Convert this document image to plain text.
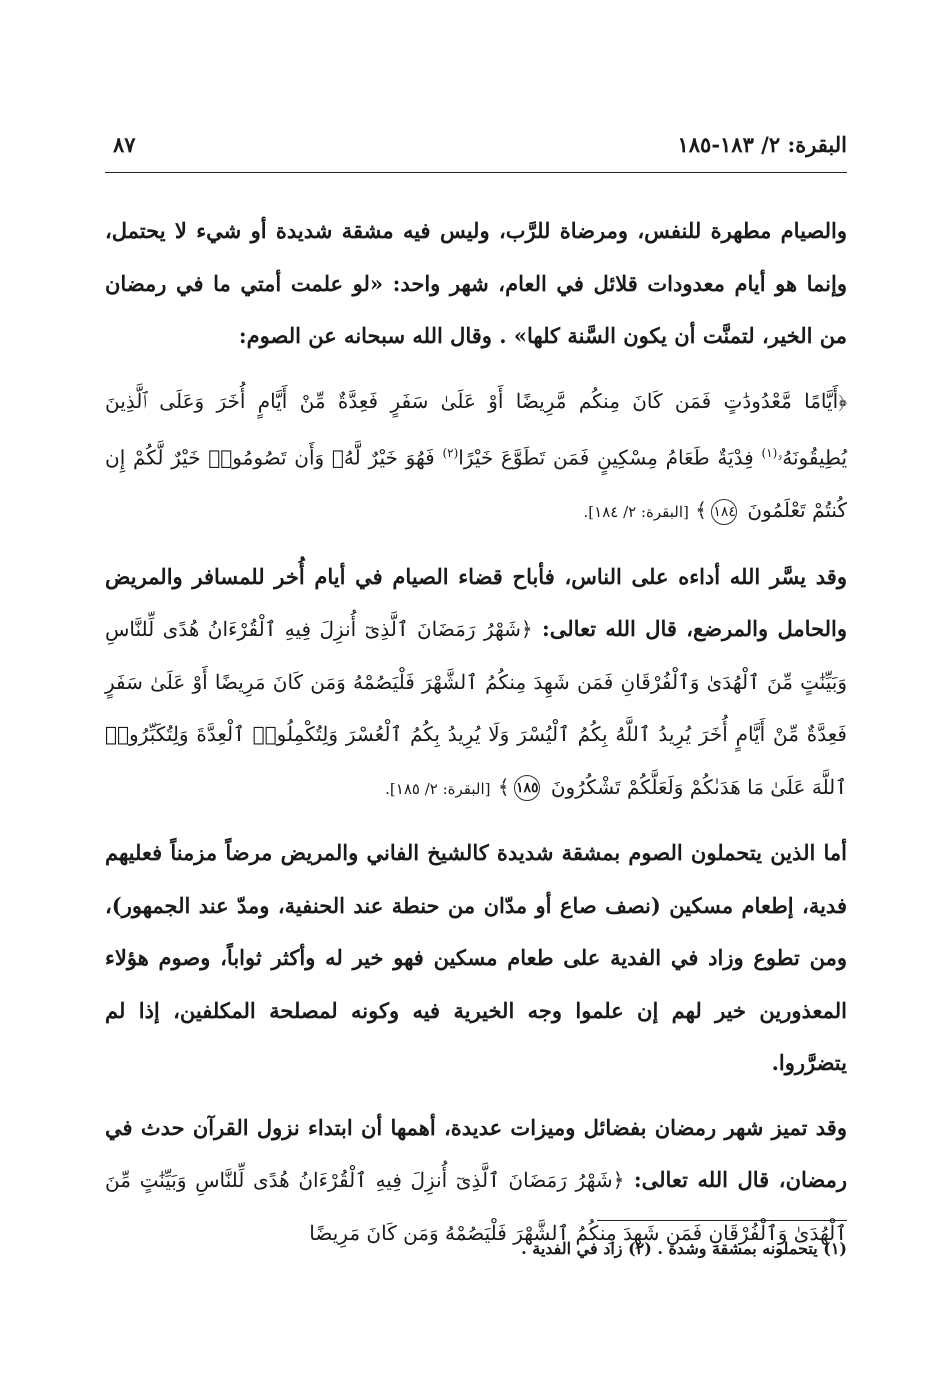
البقرة: ٢/ ١٨٣-١٨٥
٨٧

والصيام مطهرة للنفس، ومرضاة للرَّب، وليس فيه مشقة شديدة أو شيء لا يحتمل، وإنما هو أيام معدودات قلائل في العام، شهر واحد: «لو علمت أمتي ما في رمضان من الخير، لتمنَّت أن يكون السَّنة كلها» . وقال الله سبحانه عن الصوم:

﴿أَيَّامًا مَّعْدُودَٰتٍ فَمَن كَانَ مِنكُم مَّرِيضًا أَوْ عَلَىٰ سَفَرٍ فَعِدَّةٌ مِّنْ أَيَّامٍ أُخَرَ وَعَلَى ٱلَّذِينَ يُطِيقُونَهُۥ$^{(١)}$ فِدْيَةٌ طَعَامُ مِسْكِينٍ فَمَن تَطَوَّعَ خَيْرًا$^{(٢)}$ فَهُوَ خَيْرٌ لَّهُۥ وَأَن تَصُومُوا۟ خَيْرٌ لَّكُمْ إِن كُنتُمْ تَعْلَمُونَ ١٨٤﴾ [البقرة: ٢/ ١٨٤].

وقد يسَّر الله أداءه على الناس، فأباح قضاء الصيام في أيام أُخر للمسافر والمريض والحامل والمرضع، قال الله تعالى: ﴿شَهْرُ رَمَضَانَ ٱلَّذِىٓ أُنزِلَ فِيهِ ٱلْقُرْءَانُ هُدًى لِّلنَّاسِ وَبَيِّنَٰتٍ مِّنَ ٱلْهُدَىٰ وَٱلْفُرْقَانِ فَمَن شَهِدَ مِنكُمُ ٱلشَّهْرَ فَلْيَصُمْهُ وَمَن كَانَ مَرِيضًا أَوْ عَلَىٰ سَفَرٍ فَعِدَّةٌ مِّنْ أَيَّامٍ أُخَرَ يُرِيدُ ٱللَّهُ بِكُمُ ٱلْيُسْرَ وَلَا يُرِيدُ بِكُمُ ٱلْعُسْرَ وَلِتُكْمِلُوا۟ ٱلْعِدَّةَ وَلِتُكَبِّرُوا۟ ٱللَّهَ عَلَىٰ مَا هَدَىٰكُمْ وَلَعَلَّكُمْ تَشْكُرُونَ ١٨٥﴾ [البقرة: ٢/ ١٨٥].

أما الذين يتحملون الصوم بمشقة شديدة كالشيخ الفاني والمريض مرضاً مزمناً فعليهم فدية، إطعام مسكين (نصف صاع أو مدّان من حنطة عند الحنفية، ومدّ عند الجمهور)، ومن تطوع وزاد في الفدية على طعام مسكين فهو خير له وأكثر ثواباً، وصوم هؤلاء المعذورين خير لهم إن علموا وجه الخيرية فيه وكونه لمصلحة المكلفين، إذا لم يتضرَّروا.

وقد تميز شهر رمضان بفضائل وميزات عديدة، أهمها أن ابتداء نزول القرآن حدث في رمضان، قال الله تعالى: ﴿شَهْرُ رَمَضَانَ ٱلَّذِىٓ أُنزِلَ فِيهِ ٱلْقُرْءَانُ هُدًى لِّلنَّاسِ وَبَيِّنَٰتٍ مِّنَ ٱلْهُدَىٰ وَٱلْفُرْقَانِ فَمَن شَهِدَ مِنكُمُ ٱلشَّهْرَ فَلْيَصُمْهُ وَمَن كَانَ مَرِيضًا

(١) يتحملونه بمشقة وشدة . (٢) زاد في الفدية .
